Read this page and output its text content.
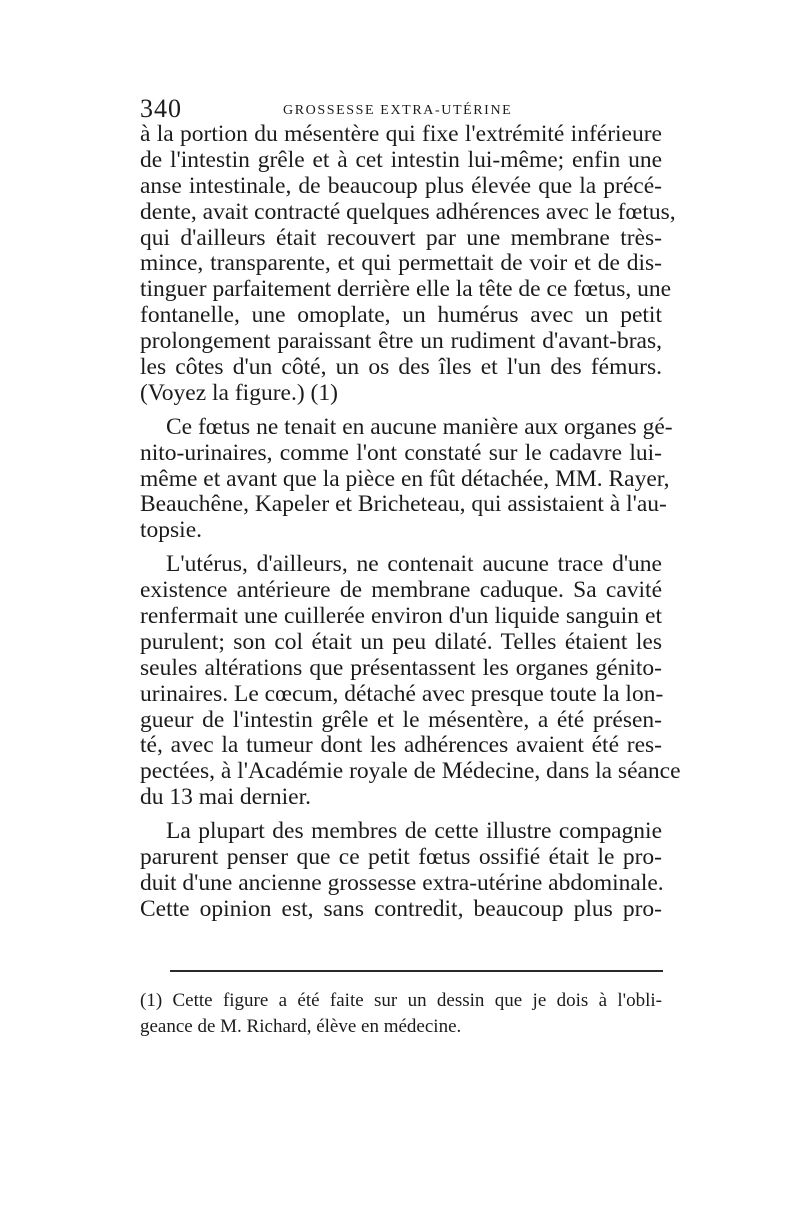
340	GROSSESSE EXTRA-UTÉRINE
à la portion du mésentère qui fixe l'extrémité inférieure
de l'intestin grêle et à cet intestin lui-même; enfin une
anse intestinale, de beaucoup plus élevée que la précé-
dente, avait contracté quelques adhérences avec le fœtus,
qui d'ailleurs était recouvert par une membrane très-
mince, transparente, et qui permettait de voir et de dis-
tinguer parfaitement derrière elle la tête de ce fœtus, une
fontanelle, une omoplate, un humérus avec un petit
prolongement paraissant être un rudiment d'avant-bras,
les côtes d'un côté, un os des îles et l'un des fémurs.
(Voyez la figure.) (1)
Ce fœtus ne tenait en aucune manière aux organes gé-
nito-urinaires, comme l'ont constaté sur le cadavre lui-
même et avant que la pièce en fût détachée, MM. Rayer,
Beauchêne, Kapeler et Bricheteau, qui assistaient à l'au-
topsie.
L'utérus, d'ailleurs, ne contenait aucune trace d'une
existence antérieure de membrane caduque. Sa cavité
renfermait une cuillerée environ d'un liquide sanguin et
purulent; son col était un peu dilaté. Telles étaient les
seules altérations que présentassent les organes génito-
urinaires. Le cœcum, détaché avec presque toute la lon-
gueur de l'intestin grêle et le mésentère, a été présen-
té, avec la tumeur dont les adhérences avaient été res-
pectées, à l'Académie royale de Médecine, dans la séance
du 13 mai dernier.
La plupart des membres de cette illustre compagnie
parurent penser que ce petit fœtus ossifié était le pro-
duit d'une ancienne grossesse extra-utérine abdominale.
Cette opinion est, sans contredit, beaucoup plus pro-
(1) Cette figure a été faite sur un dessin que je dois à l'obli-
geance de M. Richard, élève en médecine.
